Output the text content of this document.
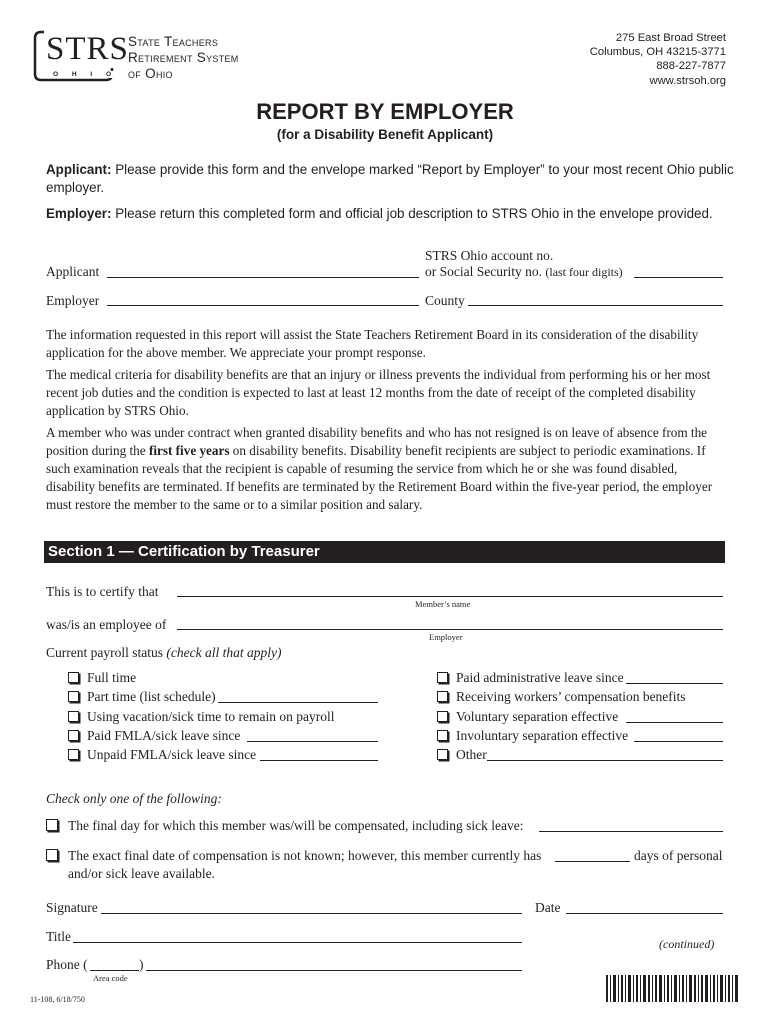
STRS
O H I O
State Teachers
Retirement System
of Ohio
275 East Broad Street
Columbus, OH 43215-3771
888-227-7877
www.strsoh.org
REPORT BY EMPLOYER
(for a Disability Benefit Applicant)
Applicant: Please provide this form and the envelope marked “Report by Employer” to your most recent Ohio public employer.
Employer: Please return this completed form and official job description to STRS Ohio in the envelope provided.
Applicant
STRS Ohio account no.
or Social Security no. (last four digits)
Employer	County
The information requested in this report will assist the State Teachers Retirement Board in its consideration of the disability application for the above member. We appreciate your prompt response.
The medical criteria for disability benefits are that an injury or illness prevents the individual from performing his or her most recent job duties and the condition is expected to last at least 12 months from the date of receipt of the completed disability application by STRS Ohio.
A member who was under contract when granted disability benefits and who has not resigned is on leave of absence from the position during the first five years on disability benefits. Disability benefit recipients are subject to periodic examinations. If such examination reveals that the recipient is capable of resuming the service from which he or she was found disabled, disability benefits are terminated. If benefits are terminated by the Retirement Board within the five-year period, the employer must restore the member to the same or to a similar position and salary.
Section 1 — Certification by Treasurer
This is to certify that
Member’s name
was/is an employee of
Employer
Current payroll status (check all that apply)
Full time
Part time (list schedule)
Using vacation/sick time to remain on payroll
Paid FMLA/sick leave since
Unpaid FMLA/sick leave since
Paid administrative leave since
Receiving workers’ compensation benefits
Voluntary separation effective
Involuntary separation effective
Other
Check only one of the following:
The final day for which this member was/will be compensated, including sick leave:
The exact final date of compensation is not known; however, this member currently has	days of personal
and/or sick leave available.
Signature	Date
Title	(continued)
Phone (	)
Area code
11-108, 6/18/750
